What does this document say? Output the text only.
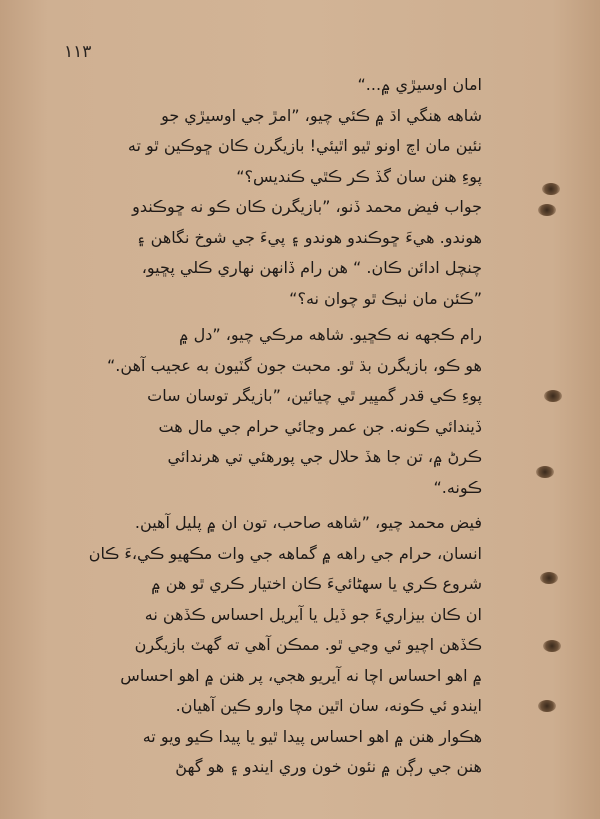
١١٣
امان اوسيڙي ۾...“
شاهه هنگي اڌ ۾ ڪئي چيو، ”امڙ جي اوسيڙي جو
نئين مان اچ اونو ٿيو اٿيئي! بازيگرن ڪان ڇوڪين ٿو ته
پوءِ هنن سان گڏ ڪر ڪٿي ڪنديس؟“
جواب فيض محمد ڏنو، ”بازيگرن ڪان ڪو نه ڇوڪندو
هوندو. هيءَ ڇوڪندو هوندو ۽ پيءَ جي شوخ نگاهن ۽
چنچل ادائن ڪان. “ هن رام ڏانهن نهاري ڪلي پڇيو،
”ڪئن مان ٺيڪ ٿو چوان نه؟“
رام ڪجهه نه ڪڇيو. شاهه مرڪي چيو، ”دل ۾
هو ڪو، بازيگرن بڌ ٿو. محبت جون گٽيون به عجيب آهن.“
پوءِ ڪي قدر گمڀير ٿي چيائين، ”بازيگر توسان سات
ڏيندائي ڪونه. جن عمر وڃائي حرام جي مال هت
ڪرڻ ۾، تن جا هڏ حلال جي پورهئي تي هرندائي
ڪونه.“
فيض محمد چيو، ”شاهه صاحب، تون ان ۾ پليل آهين.
انسان، حرام جي راهه ۾ گماهه جي وات مڪهيو ڪي،ءَ ڪان
شروع ڪري يا سهڻائيءَ ڪان اختيار ڪري ٿو هن ۾
ان ڪان بيزاريءَ جو ڏيل يا آيريل احساس ڪڏهن نه
ڪڏهن اچيو ئي وڃي ٿو. ممڪن آهي ته گهٽ بازيگرن
۾ اهو احساس اچا نه آيريو هجي، پر هنن ۾ اهو احساس
ايندو ئي ڪونه، سان اٿين مچا وارو ڪين آهيان.
هڪوار هنن ۾ اهو احساس پيدا ٿيو يا پيدا ڪيو ويو ته
هنن جي رڳن ۾ نئون خون وري ايندو ۽ هو گهڻ
